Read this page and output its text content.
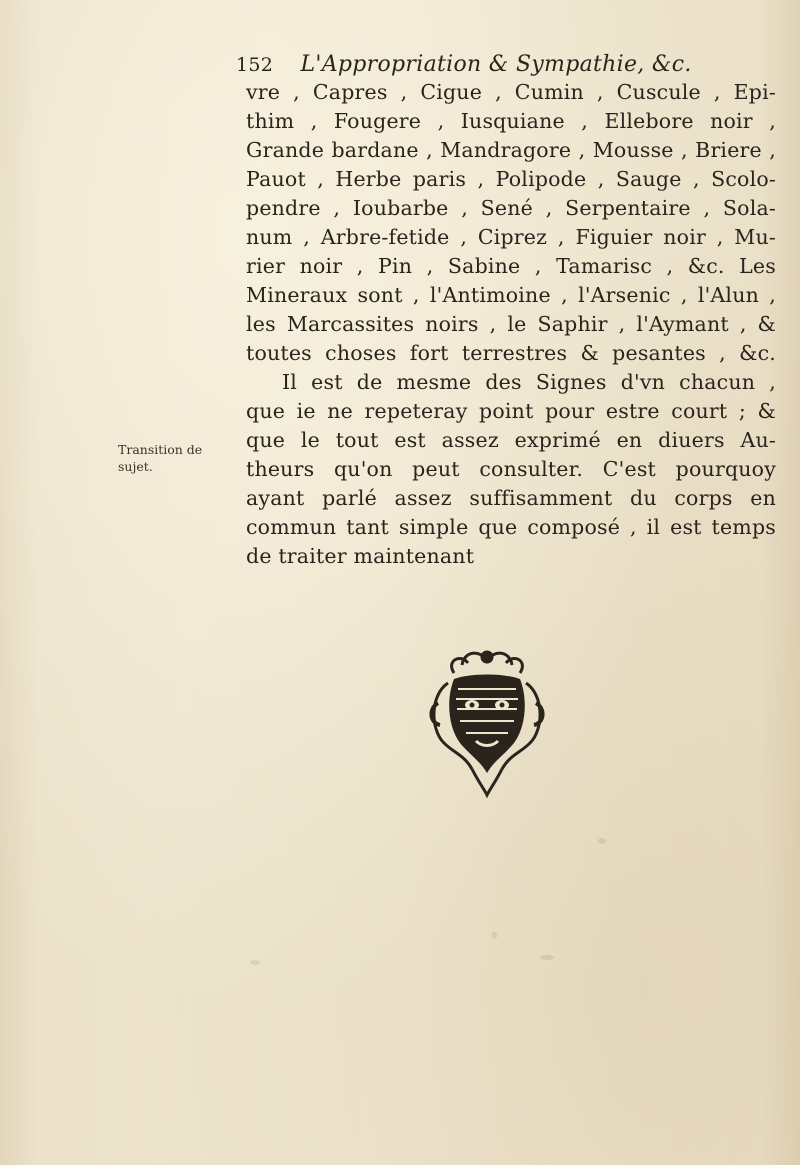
152 L'Appropriation & Sympathie, &c.
vre , Capres , Cigue , Cumin , Cuscule , Epi-
thim , Fougere , Iusquiane , Ellebore noir ,
Grande bardane , Mandragore , Mousse , Briere ,
Pauot , Herbe paris , Polipode , Sauge , Scolo-
pendre , Ioubarbe , Sené , Serpentaire , Sola-
num , Arbre-fetide , Ciprez , Figuier noir , Mu-
rier noir , Pin , Sabine , Tamarisc , &c. Les
Mineraux sont , l'Antimoine , l'Arsenic , l'Alun ,
les Marcassites noirs , le Saphir , l'Aymant , &
toutes choses fort terrestres & pesantes , &c.
Il est de mesme des Signes d'vn chacun ,
que ie ne repeteray point pour estre court ; &
que le tout est assez exprimé en diuers Au-
theurs qu'on peut consulter. C'est pourquoy
ayant parlé assez suffisamment du corps en
commun tant simple que composé , il est temps
de traiter maintenant
Transition de
sujet.
